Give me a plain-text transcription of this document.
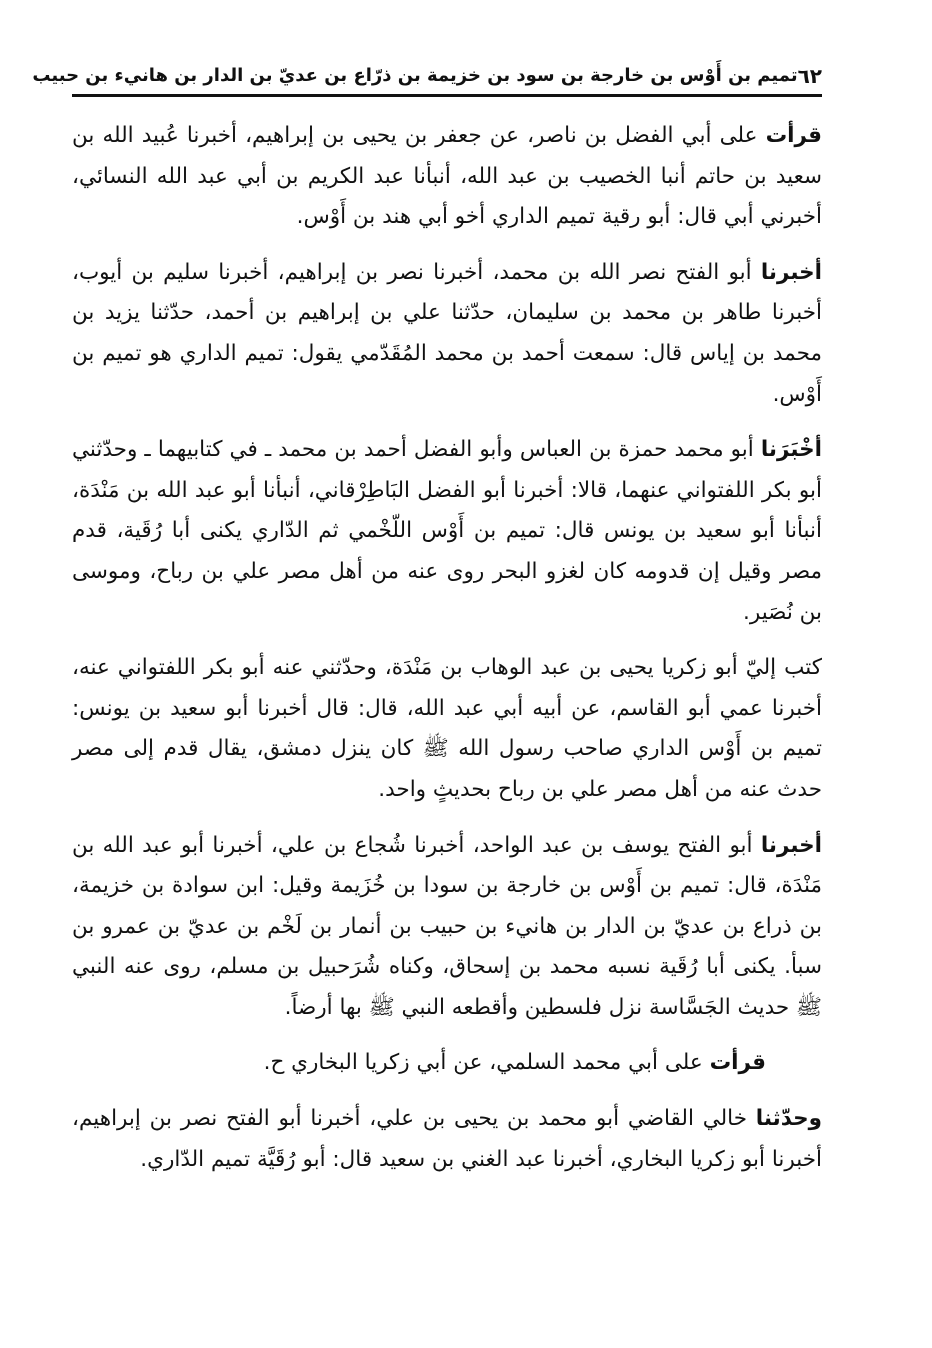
٦٢
تميم بن أَوْس بن خارجة بن سود بن خزيمة بن ذرّاع بن عديّ بن الدار بن هانيء بن حبيب

قرأت على أبي الفضل بن ناصر، عن جعفر بن يحيى بن إبراهيم، أخبرنا عُبيد الله بن سعيد بن حاتم أنبا الخصيب بن عبد الله، أنبأنا عبد الكريم بن أبي عبد الله النسائي، أخبرني أبي قال: أبو رقية تميم الداري أخو أبي هند بن أَوْس.

أخبرنا أبو الفتح نصر الله بن محمد، أخبرنا نصر بن إبراهيم، أخبرنا سليم بن أيوب، أخبرنا طاهر بن محمد بن سليمان، حدّثنا علي بن إبراهيم بن أحمد، حدّثنا يزيد بن محمد بن إياس قال: سمعت أحمد بن محمد المُقَدّمي يقول: تميم الداري هو تميم بن أَوْس.

أخْبَرَنا أبو محمد حمزة بن العباس وأبو الفضل أحمد بن محمد ـ في كتابيهما ـ وحدّثني أبو بكر اللفتواني عنهما، قالا: أخبرنا أبو الفضل البَاطِرْقاني، أنبأنا أبو عبد الله بن مَنْدَة، أنبأنا أبو سعيد بن يونس قال: تميم بن أَوْس اللّخْمي ثم الدّاري يكنى أبا رُقَية، قدم مصر وقيل إن قدومه كان لغزو البحر روى عنه من أهل مصر علي بن رباح، وموسى بن نُصَير.

كتب إليّ أبو زكريا يحيى بن عبد الوهاب بن مَنْدَة، وحدّثني عنه أبو بكر اللفتواني عنه، أخبرنا عمي أبو القاسم، عن أبيه أبي عبد الله، قال: قال أخبرنا أبو سعيد بن يونس: تميم بن أَوْس الداري صاحب رسول الله ﷺ كان ينزل دمشق، يقال قدم إلى مصر حدث عنه من أهل مصر علي بن رباح بحديثٍ واحد.

أخبرنا أبو الفتح يوسف بن عبد الواحد، أخبرنا شُجاع بن علي، أخبرنا أبو عبد الله بن مَنْدَة، قال: تميم بن أَوْس بن خارجة بن سودا بن خُزَيمة وقيل: ابن سوادة بن خزيمة، بن ذراع بن عديّ بن الدار بن هانيء بن حبيب بن أنمار بن لَخْم بن عديّ بن عمرو بن سبأ. يكنى أبا رُقَية نسبه محمد بن إسحاق، وكناه شُرَحبيل بن مسلم، روى عنه النبي ﷺ حديث الجَسَّاسة نزل فلسطين وأقطعه النبي ﷺ بها أرضاً.

قرأت على أبي محمد السلمي، عن أبي زكريا البخاري ح.

وحدّثنا خالي القاضي أبو محمد بن يحيى بن علي، أخبرنا أبو الفتح نصر بن إبراهيم، أخبرنا أبو زكريا البخاري، أخبرنا عبد الغني بن سعيد قال: أبو رُقَيَّة تميم الدّاري.
